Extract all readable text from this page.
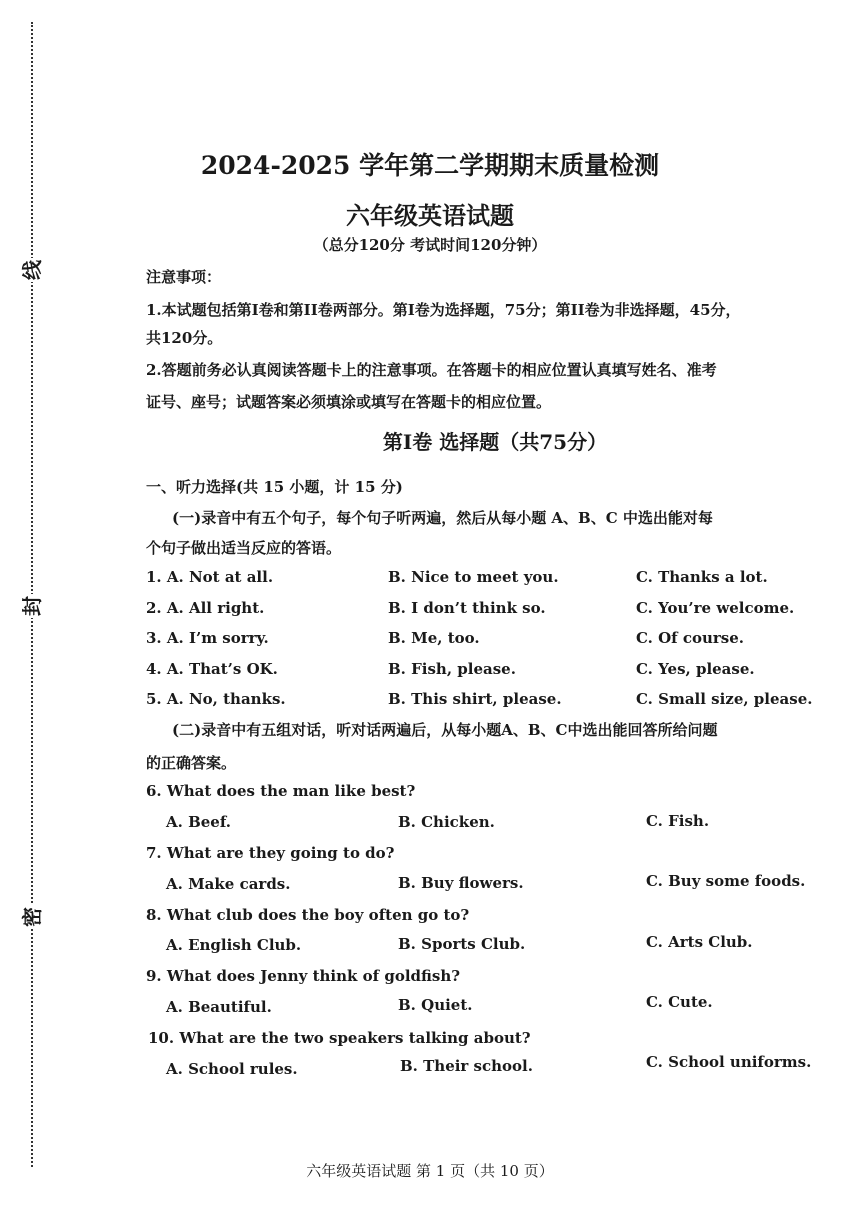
线
封
密
2024-2025 学年第二学期期末质量检测
六年级英语试题
（总分120分 考试时间120分钟）
注意事项：
1.本试题包括第I卷和第II卷两部分。第I卷为选择题，75分；第II卷为非选择题，45分，
共120分。
2.答题前务必认真阅读答题卡上的注意事项。在答题卡的相应位置认真填写姓名、准考
证号、座号；试题答案必须填涂或填写在答题卡的相应位置。
第I卷 选择题（共75分）
一、听力选择(共 15 小题，计 15 分)
(一)录音中有五个句子，每个句子听两遍，然后从每小题 A、B、C 中选出能对每
个句子做出适当反应的答语。
1. A. Not at all.	B. Nice to meet you.	C. Thanks a lot.
2. A. All right.	B. I don’t think so.	C. You’re welcome.
3. A. I’m sorry.	B. Me, too.	C. Of course.
4. A. That’s OK.	B. Fish, please.	C. Yes, please.
5. A. No, thanks.	B. This shirt, please.	C. Small size, please.
(二)录音中有五组对话，听对话两遍后，从每小题A、B、C中选出能回答所给问题
的正确答案。
6. What does the man like best?
A. Beef.	B. Chicken.	C. Fish.
7. What are they going to do?
A. Make cards.	B. Buy flowers.	C. Buy some foods.
8. What club does the boy often go to?
A. English Club.	B. Sports Club.	C. Arts Club.
9. What does Jenny think of goldfish?
A. Beautiful.	B. Quiet.	C. Cute.
10. What are the two speakers talking about?
A. School rules.	B. Their school.	C. School uniforms.
六年级英语试题 第 1 页（共 10 页）
